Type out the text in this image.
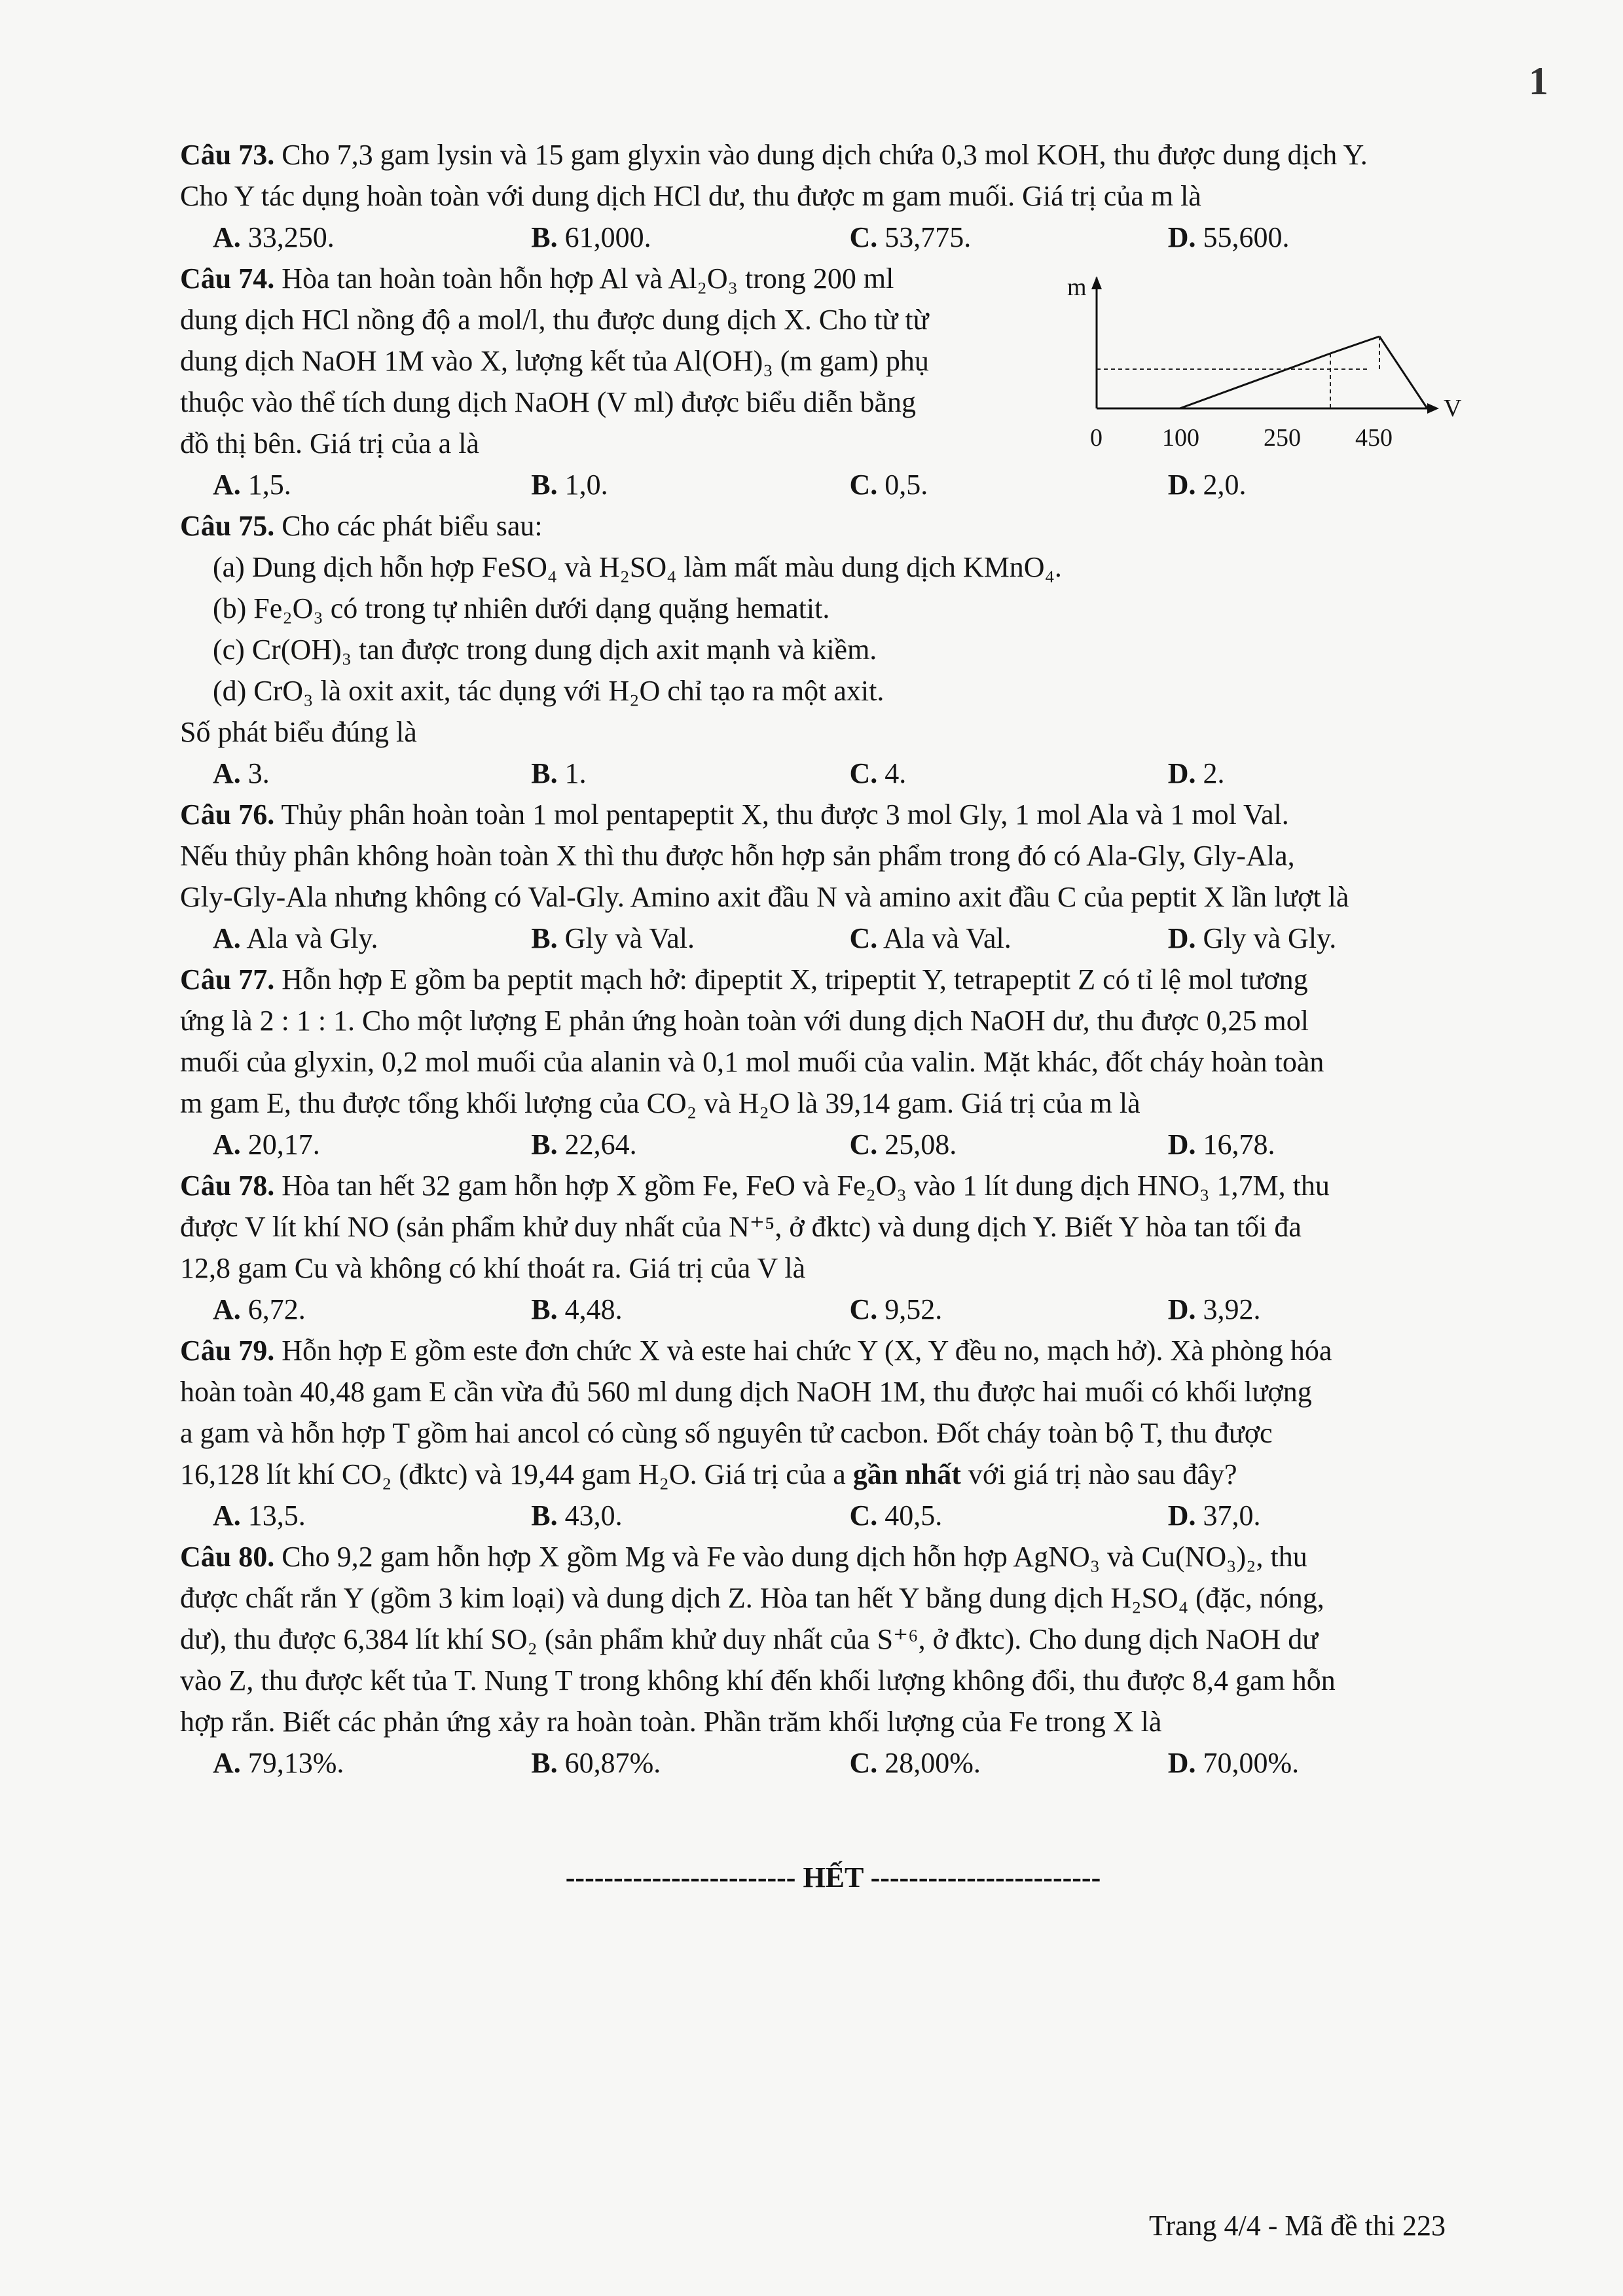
1
Câu 73. Cho 7,3 gam lysin và 15 gam glyxin vào dung dịch chứa 0,3 mol KOH, thu được dung dịch Y.
Cho Y tác dụng hoàn toàn với dung dịch HCl dư, thu được m gam muối. Giá trị của m là
A. 33,250.	B. 61,000.	C. 53,775.	D. 55,600.
Câu 74. Hòa tan hoàn toàn hỗn hợp Al và Al₂O₃ trong 200 ml
dung dịch HCl nồng độ a mol/l, thu được dung dịch X. Cho từ từ
dung dịch NaOH 1M vào X, lượng kết tủa Al(OH)₃ (m gam) phụ
thuộc vào thể tích dung dịch NaOH (V ml) được biểu diễn bằng
đồ thị bên. Giá trị của a là
m
V
0 100	250 450
A. 1,5.	B. 1,0.	C. 0,5.	D. 2,0.
Câu 75. Cho các phát biểu sau:
(a) Dung dịch hỗn hợp FeSO₄ và H₂SO₄ làm mất màu dung dịch KMnO₄.
(b) Fe₂O₃ có trong tự nhiên dưới dạng quặng hematit.
(c) Cr(OH)₃ tan được trong dung dịch axit mạnh và kiềm.
(d) CrO₃ là oxit axit, tác dụng với H₂O chỉ tạo ra một axit.
Số phát biểu đúng là
A. 3.	B. 1.	C. 4.	D. 2.
Câu 76. Thủy phân hoàn toàn 1 mol pentapeptit X, thu được 3 mol Gly, 1 mol Ala và 1 mol Val.
Nếu thủy phân không hoàn toàn X thì thu được hỗn hợp sản phẩm trong đó có Ala-Gly, Gly-Ala,
Gly-Gly-Ala nhưng không có Val-Gly. Amino axit đầu N và amino axit đầu C của peptit X lần lượt là
A. Ala và Gly.	B. Gly và Val.	C. Ala và Val.	D. Gly và Gly.
Câu 77. Hỗn hợp E gồm ba peptit mạch hở: đipeptit X, tripeptit Y, tetrapeptit Z có tỉ lệ mol tương
ứng là 2 : 1 : 1. Cho một lượng E phản ứng hoàn toàn với dung dịch NaOH dư, thu được 0,25 mol
muối của glyxin, 0,2 mol muối của alanin và 0,1 mol muối của valin. Mặt khác, đốt cháy hoàn toàn
m gam E, thu được tổng khối lượng của CO₂ và H₂O là 39,14 gam. Giá trị của m là
A. 20,17.	B. 22,64.	C. 25,08.	D. 16,78.
Câu 78. Hòa tan hết 32 gam hỗn hợp X gồm Fe, FeO và Fe₂O₃ vào 1 lít dung dịch HNO₃ 1,7M, thu
được V lít khí NO (sản phẩm khử duy nhất của N⁺⁵, ở đktc) và dung dịch Y. Biết Y hòa tan tối đa
12,8 gam Cu và không có khí thoát ra. Giá trị của V là
A. 6,72.	B. 4,48.	C. 9,52.	D. 3,92.
Câu 79. Hỗn hợp E gồm este đơn chức X và este hai chức Y (X, Y đều no, mạch hở). Xà phòng hóa
hoàn toàn 40,48 gam E cần vừa đủ 560 ml dung dịch NaOH 1M, thu được hai muối có khối lượng
a gam và hỗn hợp T gồm hai ancol có cùng số nguyên tử cacbon. Đốt cháy toàn bộ T, thu được
16,128 lít khí CO₂ (đktc) và 19,44 gam H₂O. Giá trị của a gần nhất với giá trị nào sau đây?
A. 13,5.	B. 43,0.	C. 40,5.	D. 37,0.
Câu 80. Cho 9,2 gam hỗn hợp X gồm Mg và Fe vào dung dịch hỗn hợp AgNO₃ và Cu(NO₃)₂, thu
được chất rắn Y (gồm 3 kim loại) và dung dịch Z. Hòa tan hết Y bằng dung dịch H₂SO₄ (đặc, nóng,
dư), thu được 6,384 lít khí SO₂ (sản phẩm khử duy nhất của S⁺⁶, ở đktc). Cho dung dịch NaOH dư
vào Z, thu được kết tủa T. Nung T trong không khí đến khối lượng không đổi, thu được 8,4 gam hỗn
hợp rắn. Biết các phản ứng xảy ra hoàn toàn. Phần trăm khối lượng của Fe trong X là
A. 79,13%.	B. 60,87%.	C. 28,00%.	D. 70,00%.
------------------------ HẾT ------------------------
Trang 4/4 - Mã đề thi 223
